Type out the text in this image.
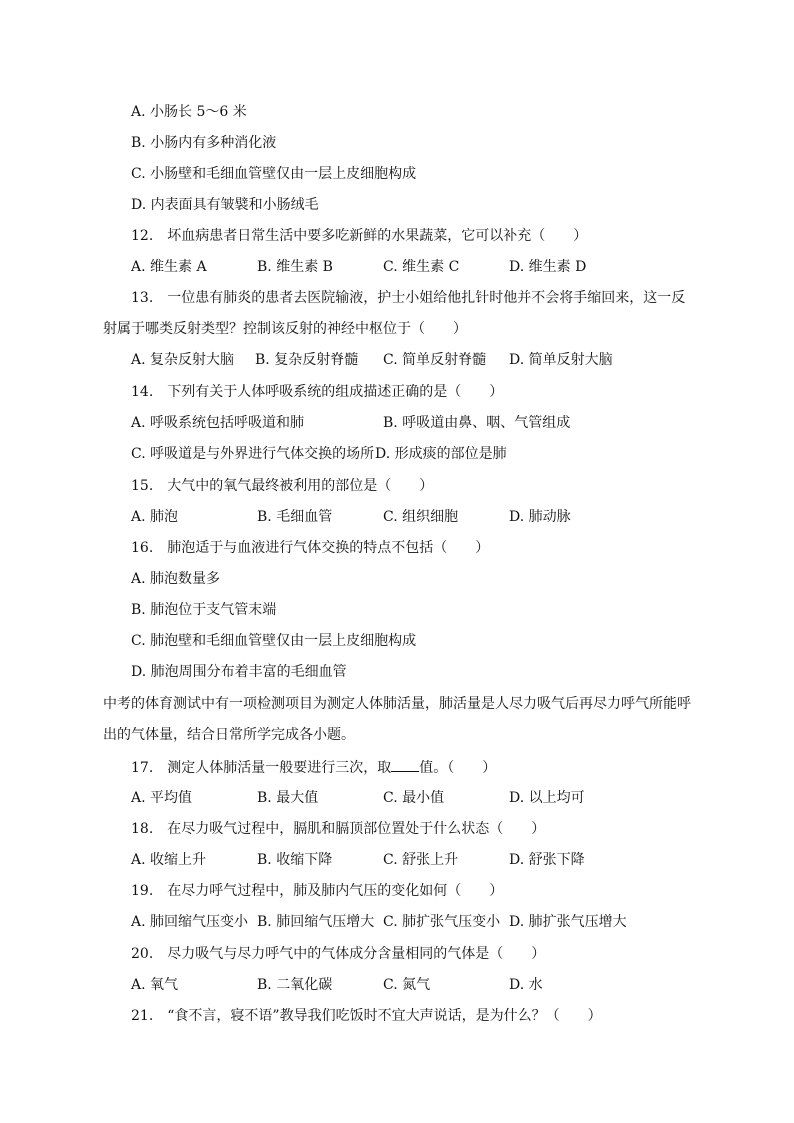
A. 小肠长 5～6 米
B. 小肠内有多种消化液
C. 小肠壁和毛细血管壁仅由一层上皮细胞构成
D. 内表面具有皱襞和小肠绒毛
12.　坏血病患者日常生活中要多吃新鲜的水果蔬菜，它可以补充（　　）
A. 维生素 A	B. 维生素 B	C. 维生素 C	D. 维生素 D
13.　一位患有肺炎的患者去医院输液，护士小姐给他扎针时他并不会将手缩回来，这一反
射属于哪类反射类型？控制该反射的神经中枢位于（　　）
A. 复杂反射大脑 B. 复杂反射脊髓 C. 简单反射脊髓 D. 简单反射大脑
14.　下列有关于人体呼吸系统的组成描述正确的是（　　）
A. 呼吸系统包括呼吸道和肺	B. 呼吸道由鼻、咽、气管组成
C. 呼吸道是与外界进行气体交换的场所 D. 形成痰的部位是肺
15.　大气中的氧气最终被利用的部位是（　　）
A. 肺泡	B. 毛细血管	C. 组织细胞	D. 肺动脉
16.　肺泡适于与血液进行气体交换的特点不包括（　　）
A. 肺泡数量多
B. 肺泡位于支气管末端
C. 肺泡壁和毛细血管壁仅由一层上皮细胞构成
D. 肺泡周围分布着丰富的毛细血管
中考的体育测试中有一项检测项目为测定人体肺活量，肺活量是人尽力吸气后再尽力呼气所能呼
出的气体量，结合日常所学完成各小题。
17.　测定人体肺活量一般要进行三次，取 值。（　　）
A. 平均值	B. 最大值	C. 最小值	D. 以上均可
18.　在尽力吸气过程中，膈肌和膈顶部位置处于什么状态（　　）
A. 收缩上升	B. 收缩下降	C. 舒张上升	D. 舒张下降
19.　在尽力呼气过程中，肺及肺内气压的变化如何（　　）
A. 肺回缩气压变小 B. 肺回缩气压增大 C. 肺扩张气压变小 D. 肺扩张气压增大
20.　尽力吸气与尽力呼气中的气体成分含量相同的气体是（　　）
A. 氧气	B. 二氧化碳	C. 氮气	D. 水
21.　“食不言，寝不语”教导我们吃饭时不宜大声说话，是为什么？（　　）
